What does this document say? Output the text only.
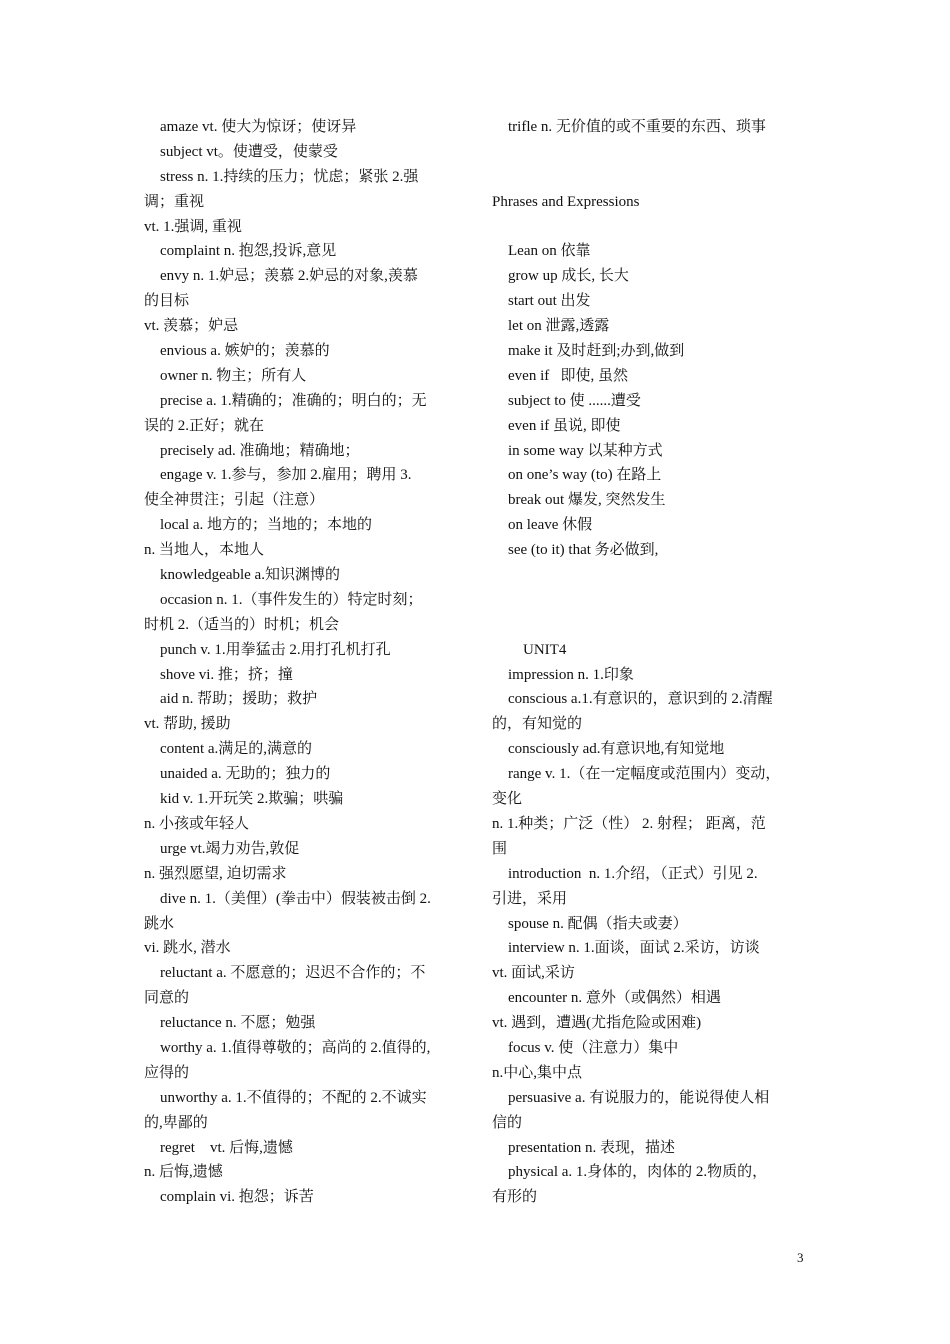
amaze vt. 使大为惊讶；使讶异
subject vt。使遭受，使蒙受
stress n. 1.持续的压力；忧虑；紧张 2.强
调；重视
vt. 1.强调, 重视
complaint n. 抱怨,投诉,意见
envy n. 1.妒忌；羡慕 2.妒忌的对象,羡慕
的目标
vt. 羡慕；妒忌
envious a. 嫉妒的；羡慕的
owner n. 物主；所有人
precise a. 1.精确的；准确的；明白的；无
误的 2.正好；就在
precisely ad. 准确地；精确地；
engage v. 1.参与，参加 2.雇用；聘用 3.
使全神贯注；引起（注意）
local a. 地方的；当地的；本地的
n. 当地人，本地人
knowledgeable a.知识渊博的
occasion n. 1.（事件发生的）特定时刻；
时机 2.（适当的）时机；机会
punch v. 1.用拳猛击 2.用打孔机打孔
shove vi. 推；挤；撞
aid n. 帮助；援助；救护
vt. 帮助, 援助
content a.满足的,满意的
unaided a. 无助的；独力的
kid v. 1.开玩笑 2.欺骗；哄骗
n. 小孩或年轻人
urge vt.竭力劝告,敦促
n. 强烈愿望, 迫切需求
dive n. 1.（美俚）(拳击中）假装被击倒 2.
跳水
vi. 跳水, 潜水
reluctant a. 不愿意的；迟迟不合作的；不
同意的
reluctance n. 不愿；勉强
worthy a. 1.值得尊敬的；高尚的 2.值得的,
应得的
unworthy a. 1.不值得的；不配的 2.不诚实
的,卑鄙的
regret    vt. 后悔,遗憾
n. 后悔,遗憾
complain vi. 抱怨；诉苦
trifle n. 无价值的或不重要的东西、琐事
Phrases and Expressions
Lean on 依靠
grow up 成长, 长大
start out 出发
let on 泄露,透露
make it 及时赶到;办到,做到
even if   即使, 虽然
subject to 使 ......遭受
even if 虽说, 即使
in some way 以某种方式
on one’s way (to) 在路上
break out 爆发, 突然发生
on leave 休假
see (to it) that 务必做到,
UNIT4
impression n. 1.印象
conscious a.1.有意识的，意识到的 2.清醒
的，有知觉的
consciously ad.有意识地,有知觉地
range v. 1.（在一定幅度或范围内）变动，
变化
n. 1.种类；广泛（性） 2. 射程； 距离，范
围
introduction  n. 1.介绍，（正式）引见 2.
引进，采用
spouse n. 配偶（指夫或妻）
interview n. 1.面谈，面试 2.采访，访谈
vt. 面试,采访
encounter n. 意外（或偶然）相遇
vt. 遇到，遭遇(尤指危险或困难)
focus v. 使（注意力）集中
n.中心,集中点
persuasive a. 有说服力的，能说得使人相
信的
presentation n. 表现，描述
physical a. 1.身体的，肉体的 2.物质的，
有形的
3
